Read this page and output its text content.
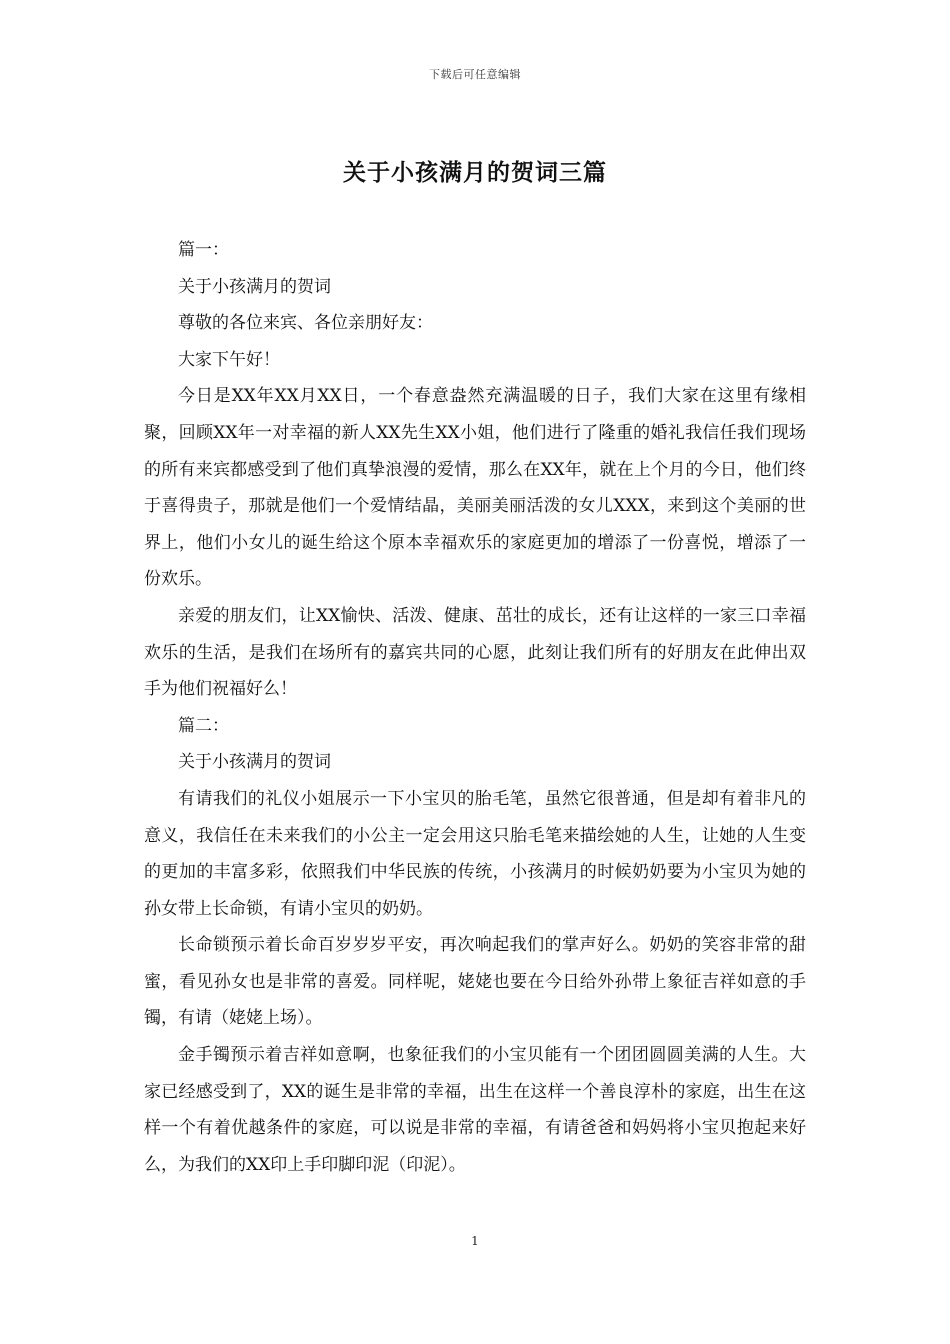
下载后可任意编辑
关于小孩满月的贺词三篇

篇一：

关于小孩满月的贺词

尊敬的各位来宾、各位亲朋好友：

大家下午好！

今日是XX年XX月XX日，一个春意盎然充满温暖的日子，我们大家在这里有缘相聚，回顾XX年一对幸福的新人XX先生XX小姐，他们进行了隆重的婚礼我信任我们现场的所有来宾都感受到了他们真挚浪漫的爱情，那么在XX年，就在上个月的今日，他们终于喜得贵子，那就是他们一个爱情结晶，美丽美丽活泼的女儿XXX，来到这个美丽的世界上，他们小女儿的诞生给这个原本幸福欢乐的家庭更加的增添了一份喜悦，增添了一份欢乐。

亲爱的朋友们，让XX愉快、活泼、健康、茁壮的成长，还有让这样的一家三口幸福欢乐的生活，是我们在场所有的嘉宾共同的心愿，此刻让我们所有的好朋友在此伸出双手为他们祝福好么！

篇二：

关于小孩满月的贺词

有请我们的礼仪小姐展示一下小宝贝的胎毛笔，虽然它很普通，但是却有着非凡的意义，我信任在未来我们的小公主一定会用这只胎毛笔来描绘她的人生，让她的人生变的更加的丰富多彩，依照我们中华民族的传统，小孩满月的时候奶奶要为小宝贝为她的孙女带上长命锁，有请小宝贝的奶奶。

长命锁预示着长命百岁岁岁平安，再次响起我们的掌声好么。奶奶的笑容非常的甜蜜，看见孙女也是非常的喜爱。同样呢，姥姥也要在今日给外孙带上象征吉祥如意的手镯，有请（姥姥上场）。

金手镯预示着吉祥如意啊，也象征我们的小宝贝能有一个团团圆圆美满的人生。大家已经感受到了，XX的诞生是非常的幸福，出生在这样一个善良淳朴的家庭，出生在这样一个有着优越条件的家庭，可以说是非常的幸福，有请爸爸和妈妈将小宝贝抱起来好么，为我们的XX印上手印脚印泥（印泥）。

1
